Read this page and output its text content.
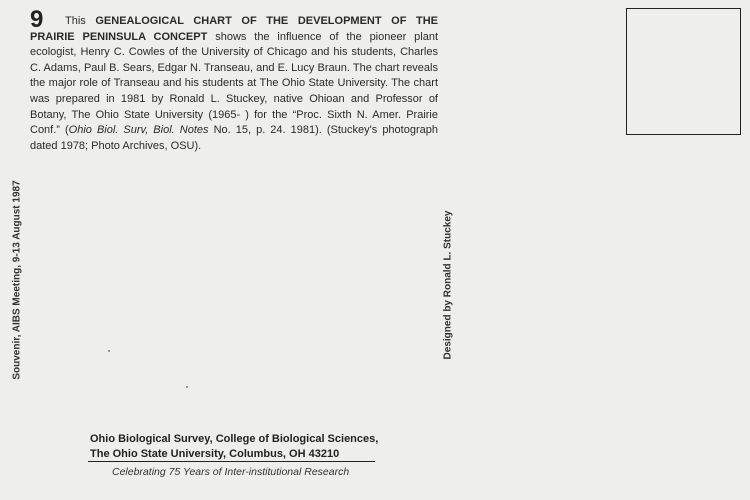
9	This GENEALOGICAL CHART OF THE DEVELOPMENT OF THE PRAIRIE PENINSULA CONCEPT shows the influence of the pioneer plant ecologist, Henry C. Cowles of the University of Chicago and his students, Charles C. Adams, Paul B. Sears, Edgar N. Transeau, and E. Lucy Braun. The chart reveals the major role of Transeau and his students at The Ohio State University. The chart was prepared in 1981 by Ronald L. Stuckey, native Ohioan and Professor of Botany, The Ohio State University (1965- ) for the “Proc. Sixth N. Amer. Prairie Conf.” (Ohio Biol. Surv, Biol. Notes No. 15, p. 24. 1981). (Stuckey's photograph dated 1978; Photo Archives, OSU).

Souvenir, AIBS Meeting, 9-13 August 1987	Designed by Ronald L. Stuckey
Ohio Biological Survey, College of Biological Sciences,
The Ohio State University, Columbus, OH 43210
Celebrating 75 Years of Inter-institutional Research
